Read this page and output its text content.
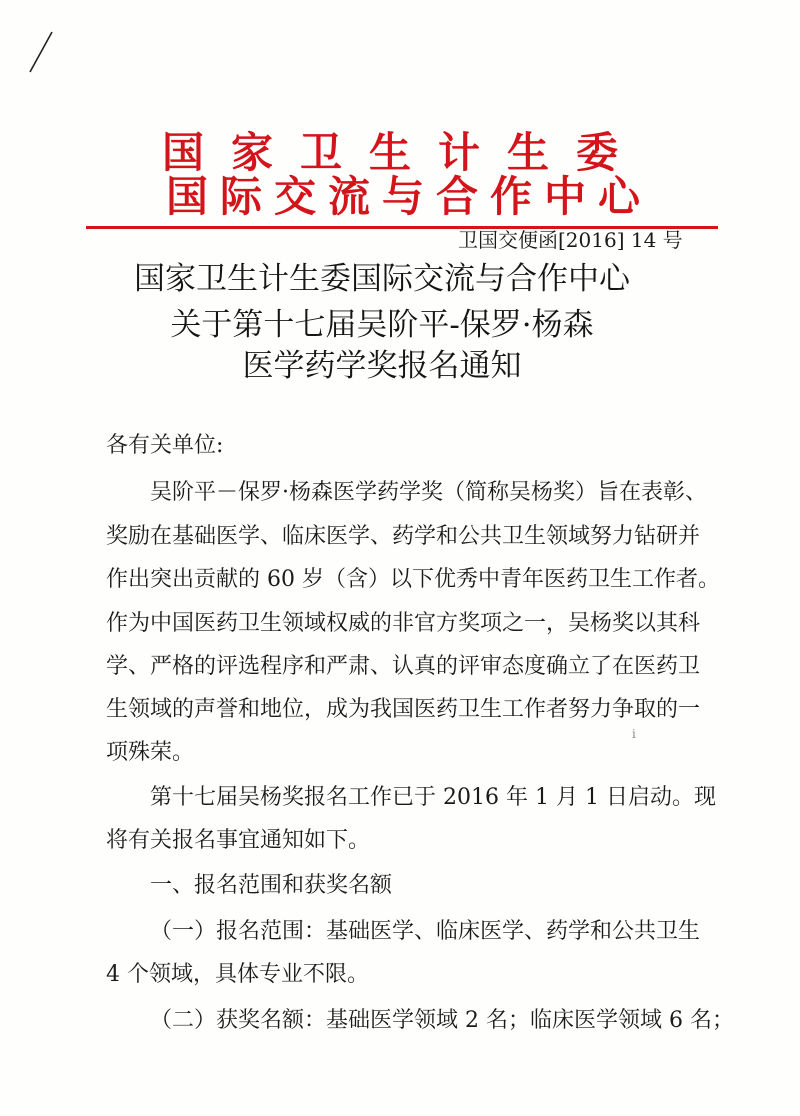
国家卫生计生委
国际交流与合作中心
卫国交便函[2016] 14 号
国家卫生计生委国际交流与合作中心
关于第十七届吴阶平-保罗·杨森
医学药学奖报名通知
各有关单位:
吴阶平－保罗·杨森医学药学奖（简称吴杨奖）旨在表彰、
奖励在基础医学、临床医学、药学和公共卫生领域努力钻研并
作出突出贡献的 60 岁（含）以下优秀中青年医药卫生工作者。
作为中国医药卫生领域权威的非官方奖项之一，吴杨奖以其科
学、严格的评选程序和严肃、认真的评审态度确立了在医药卫
生领域的声誉和地位，成为我国医药卫生工作者努力争取的一
项殊荣。
ⅰ
第十七届吴杨奖报名工作已于 2016 年 1 月 1 日启动。现
将有关报名事宜通知如下。
一、报名范围和获奖名额
（一）报名范围：基础医学、临床医学、药学和公共卫生
4 个领域，具体专业不限。
（二）获奖名额：基础医学领域 2 名；临床医学领域 6 名；
